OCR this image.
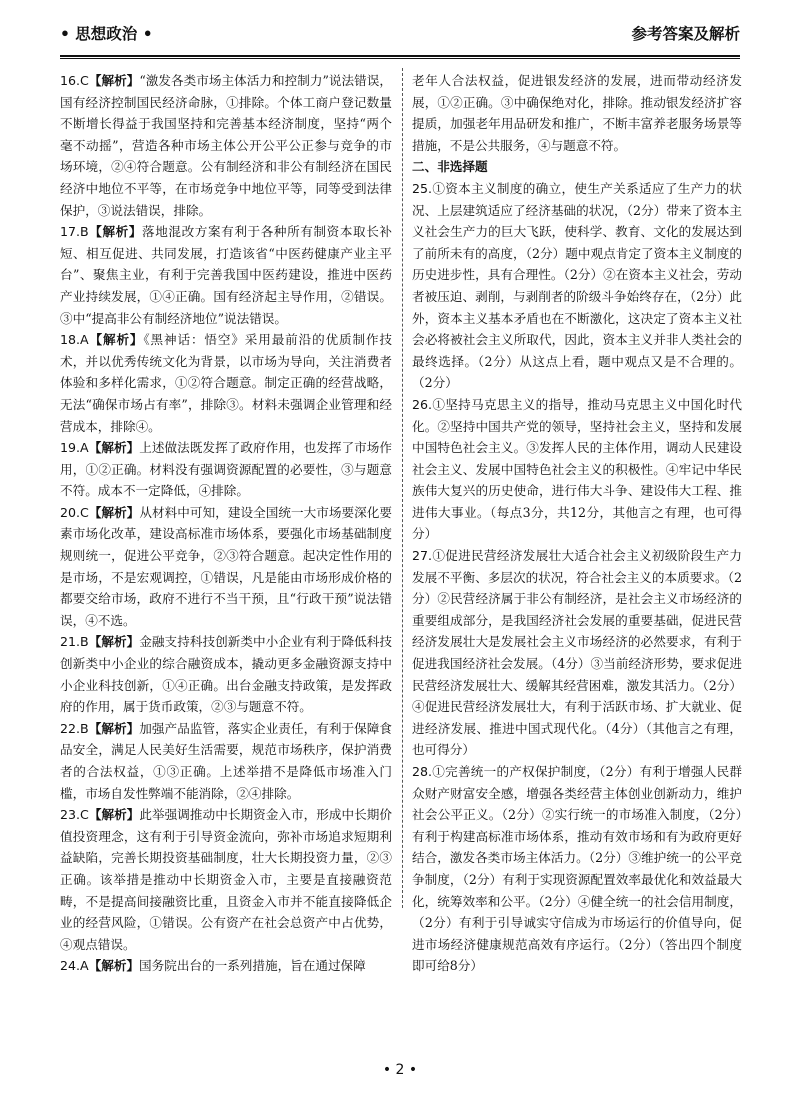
• 思想政治 •	参考答案及解析

16.C【解析】“激发各类市场主体活力和控制力”说法错误，国有经济控制国民经济命脉，①排除。个体工商户登记数量不断增长得益于我国坚持和完善基本经济制度，坚持“两个毫不动摇”，营造各种市场主体公开公平公正参与竞争的市场环境，②④符合题意。公有制经济和非公有制经济在国民经济中地位不平等，在市场竞争中地位平等，同等受到法律保护，③说法错误，排除。

17.B【解析】落地混改方案有利于各种所有制资本取长补短、相互促进、共同发展，打造该省“中医药健康产业主平台”、聚焦主业，有利于完善我国中医药建设，推进中医药产业持续发展，①④正确。国有经济起主导作用，②错误。③中“提高非公有制经济地位”说法错误。

18.A【解析】《黑神话：悟空》采用最前沿的优质制作技术，并以优秀传统文化为背景，以市场为导向，关注消费者体验和多样化需求，①②符合题意。制定正确的经营战略，无法“确保市场占有率”，排除③。材料未强调企业管理和经营成本，排除④。

19.A【解析】上述做法既发挥了政府作用，也发挥了市场作用，①②正确。材料没有强调资源配置的必要性，③与题意不符。成本不一定降低，④排除。

20.C【解析】从材料中可知，建设全国统一大市场要深化要素市场化改革，建设高标准市场体系，要强化市场基础制度规则统一，促进公平竞争，②③符合题意。起决定性作用的是市场，不是宏观调控，①错误，凡是能由市场形成价格的都要交给市场，政府不进行不当干预，且“行政干预”说法错误，④不选。

21.B【解析】金融支持科技创新类中小企业有利于降低科技创新类中小企业的综合融资成本，撬动更多金融资源支持中小企业科技创新，①④正确。出台金融支持政策，是发挥政府的作用，属于货币政策，②③与题意不符。

22.B【解析】加强产品监管，落实企业责任，有利于保障食品安全，满足人民美好生活需要，规范市场秩序，保护消费者的合法权益，①③正确。上述举措不是降低市场准入门槛，市场自发性弊端不能消除，②④排除。

23.C【解析】此举强调推动中长期资金入市，形成中长期价值投资理念，这有利于引导资金流向，弥补市场追求短期利益缺陷，完善长期投资基础制度，壮大长期投资力量，②③正确。该举措是推动中长期资金入市，主要是直接融资范畴，不是提高间接融资比重，且资金入市并不能直接降低企业的经营风险，①错误。公有资产在社会总资产中占优势，④观点错误。

24.A【解析】国务院出台的一系列措施，旨在通过保障

老年人合法权益，促进银发经济的发展，进而带动经济发展，①②正确。③中确保绝对化，排除。推动银发经济扩容提质，加强老年用品研发和推广，不断丰富养老服务场景等措施，不是公共服务，④与题意不符。

二、非选择题

25.①资本主义制度的确立，使生产关系适应了生产力的状况、上层建筑适应了经济基础的状况，（2分）带来了资本主义社会生产力的巨大飞跃，使科学、教育、文化的发展达到了前所未有的高度，（2分）题中观点肯定了资本主义制度的历史进步性，具有合理性。（2分）②在资本主义社会，劳动者被压迫、剥削，与剥削者的阶级斗争始终存在，（2分）此外，资本主义基本矛盾也在不断激化，这决定了资本主义社会必将被社会主义所取代，因此，资本主义并非人类社会的最终选择。（2分）从这点上看，题中观点又是不合理的。（2分）

26.①坚持马克思主义的指导，推动马克思主义中国化时代化。②坚持中国共产党的领导，坚持社会主义，坚持和发展中国特色社会主义。③发挥人民的主体作用，调动人民建设社会主义、发展中国特色社会主义的积极性。④牢记中华民族伟大复兴的历史使命，进行伟大斗争、建设伟大工程、推进伟大事业。（每点3分，共12分，其他言之有理，也可得分）

27.①促进民营经济发展壮大适合社会主义初级阶段生产力发展不平衡、多层次的状况，符合社会主义的本质要求。（2分）②民营经济属于非公有制经济，是社会主义市场经济的重要组成部分，是我国经济社会发展的重要基础，促进民营经济发展壮大是发展社会主义市场经济的必然要求，有利于促进我国经济社会发展。（4分）③当前经济形势，要求促进民营经济发展壮大、缓解其经营困难，激发其活力。（2分）④促进民营经济发展壮大，有利于活跃市场、扩大就业、促进经济发展、推进中国式现代化。（4分）（其他言之有理，也可得分）

28.①完善统一的产权保护制度，（2分）有利于增强人民群众财产财富安全感，增强各类经营主体创业创新动力，维护社会公平正义。（2分）②实行统一的市场准入制度，（2分）有利于构建高标准市场体系，推动有效市场和有为政府更好结合，激发各类市场主体活力。（2分）③维护统一的公平竞争制度，（2分）有利于实现资源配置效率最优化和效益最大化，统筹效率和公平。（2分）④健全统一的社会信用制度，（2分）有利于引导诚实守信成为市场运行的价值导向，促进市场经济健康规范高效有序运行。（2分）（答出四个制度即可给8分）

• 2 •
